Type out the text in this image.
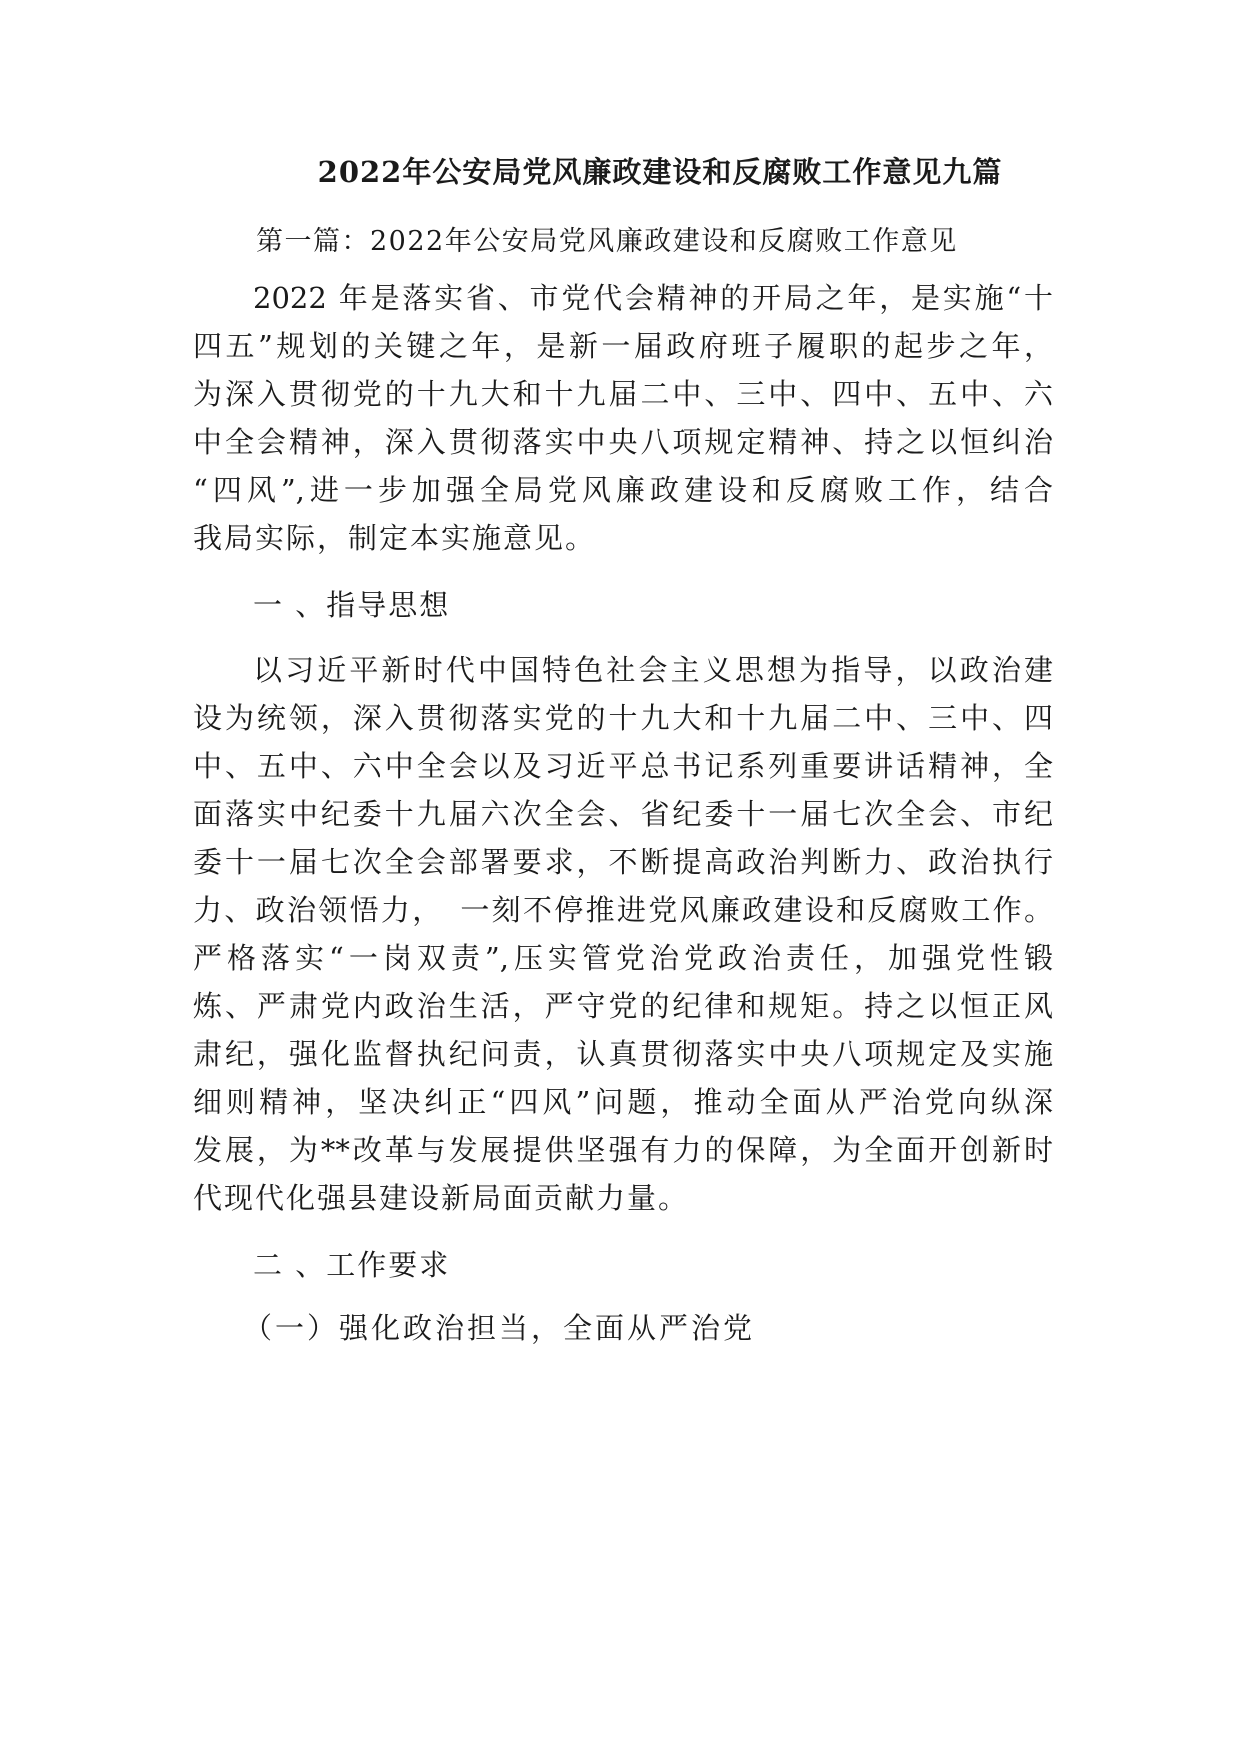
2022年公安局党风廉政建设和反腐败工作意见九篇
第一篇：2022年公安局党风廉政建设和反腐败工作意见
2022 年是落实省、市党代会精神的开局之年，是实施“十
四五”规划的关键之年，是新一届政府班子履职的起步之年，
为深入贯彻党的十九大和十九届二中、三中、四中、五中、六
中全会精神，深入贯彻落实中央八项规定精神、持之以恒纠治
“四风”,进一步加强全局党风廉政建设和反腐败工作，结合
我局实际，制定本实施意见。
一 、指导思想
以习近平新时代中国特色社会主义思想为指导，以政治建
设为统领，深入贯彻落实党的十九大和十九届二中、三中、四
中、五中、六中全会以及习近平总书记系列重要讲话精神，全
面落实中纪委十九届六次全会、省纪委十一届七次全会、市纪
委十一届七次全会部署要求，不断提高政治判断力、政治执行
力、政治领悟力，　一刻不停推进党风廉政建设和反腐败工作。
严格落实“一岗双责”,压实管党治党政治责任，加强党性锻
炼、严肃党内政治生活，严守党的纪律和规矩。持之以恒正风
肃纪，强化监督执纪问责，认真贯彻落实中央八项规定及实施
细则精神，坚决纠正“四风”问题，推动全面从严治党向纵深
发展，为**改革与发展提供坚强有力的保障，为全面开创新时
代现代化强县建设新局面贡献力量。
二 、工作要求
（一）强化政治担当，全面从严治党
